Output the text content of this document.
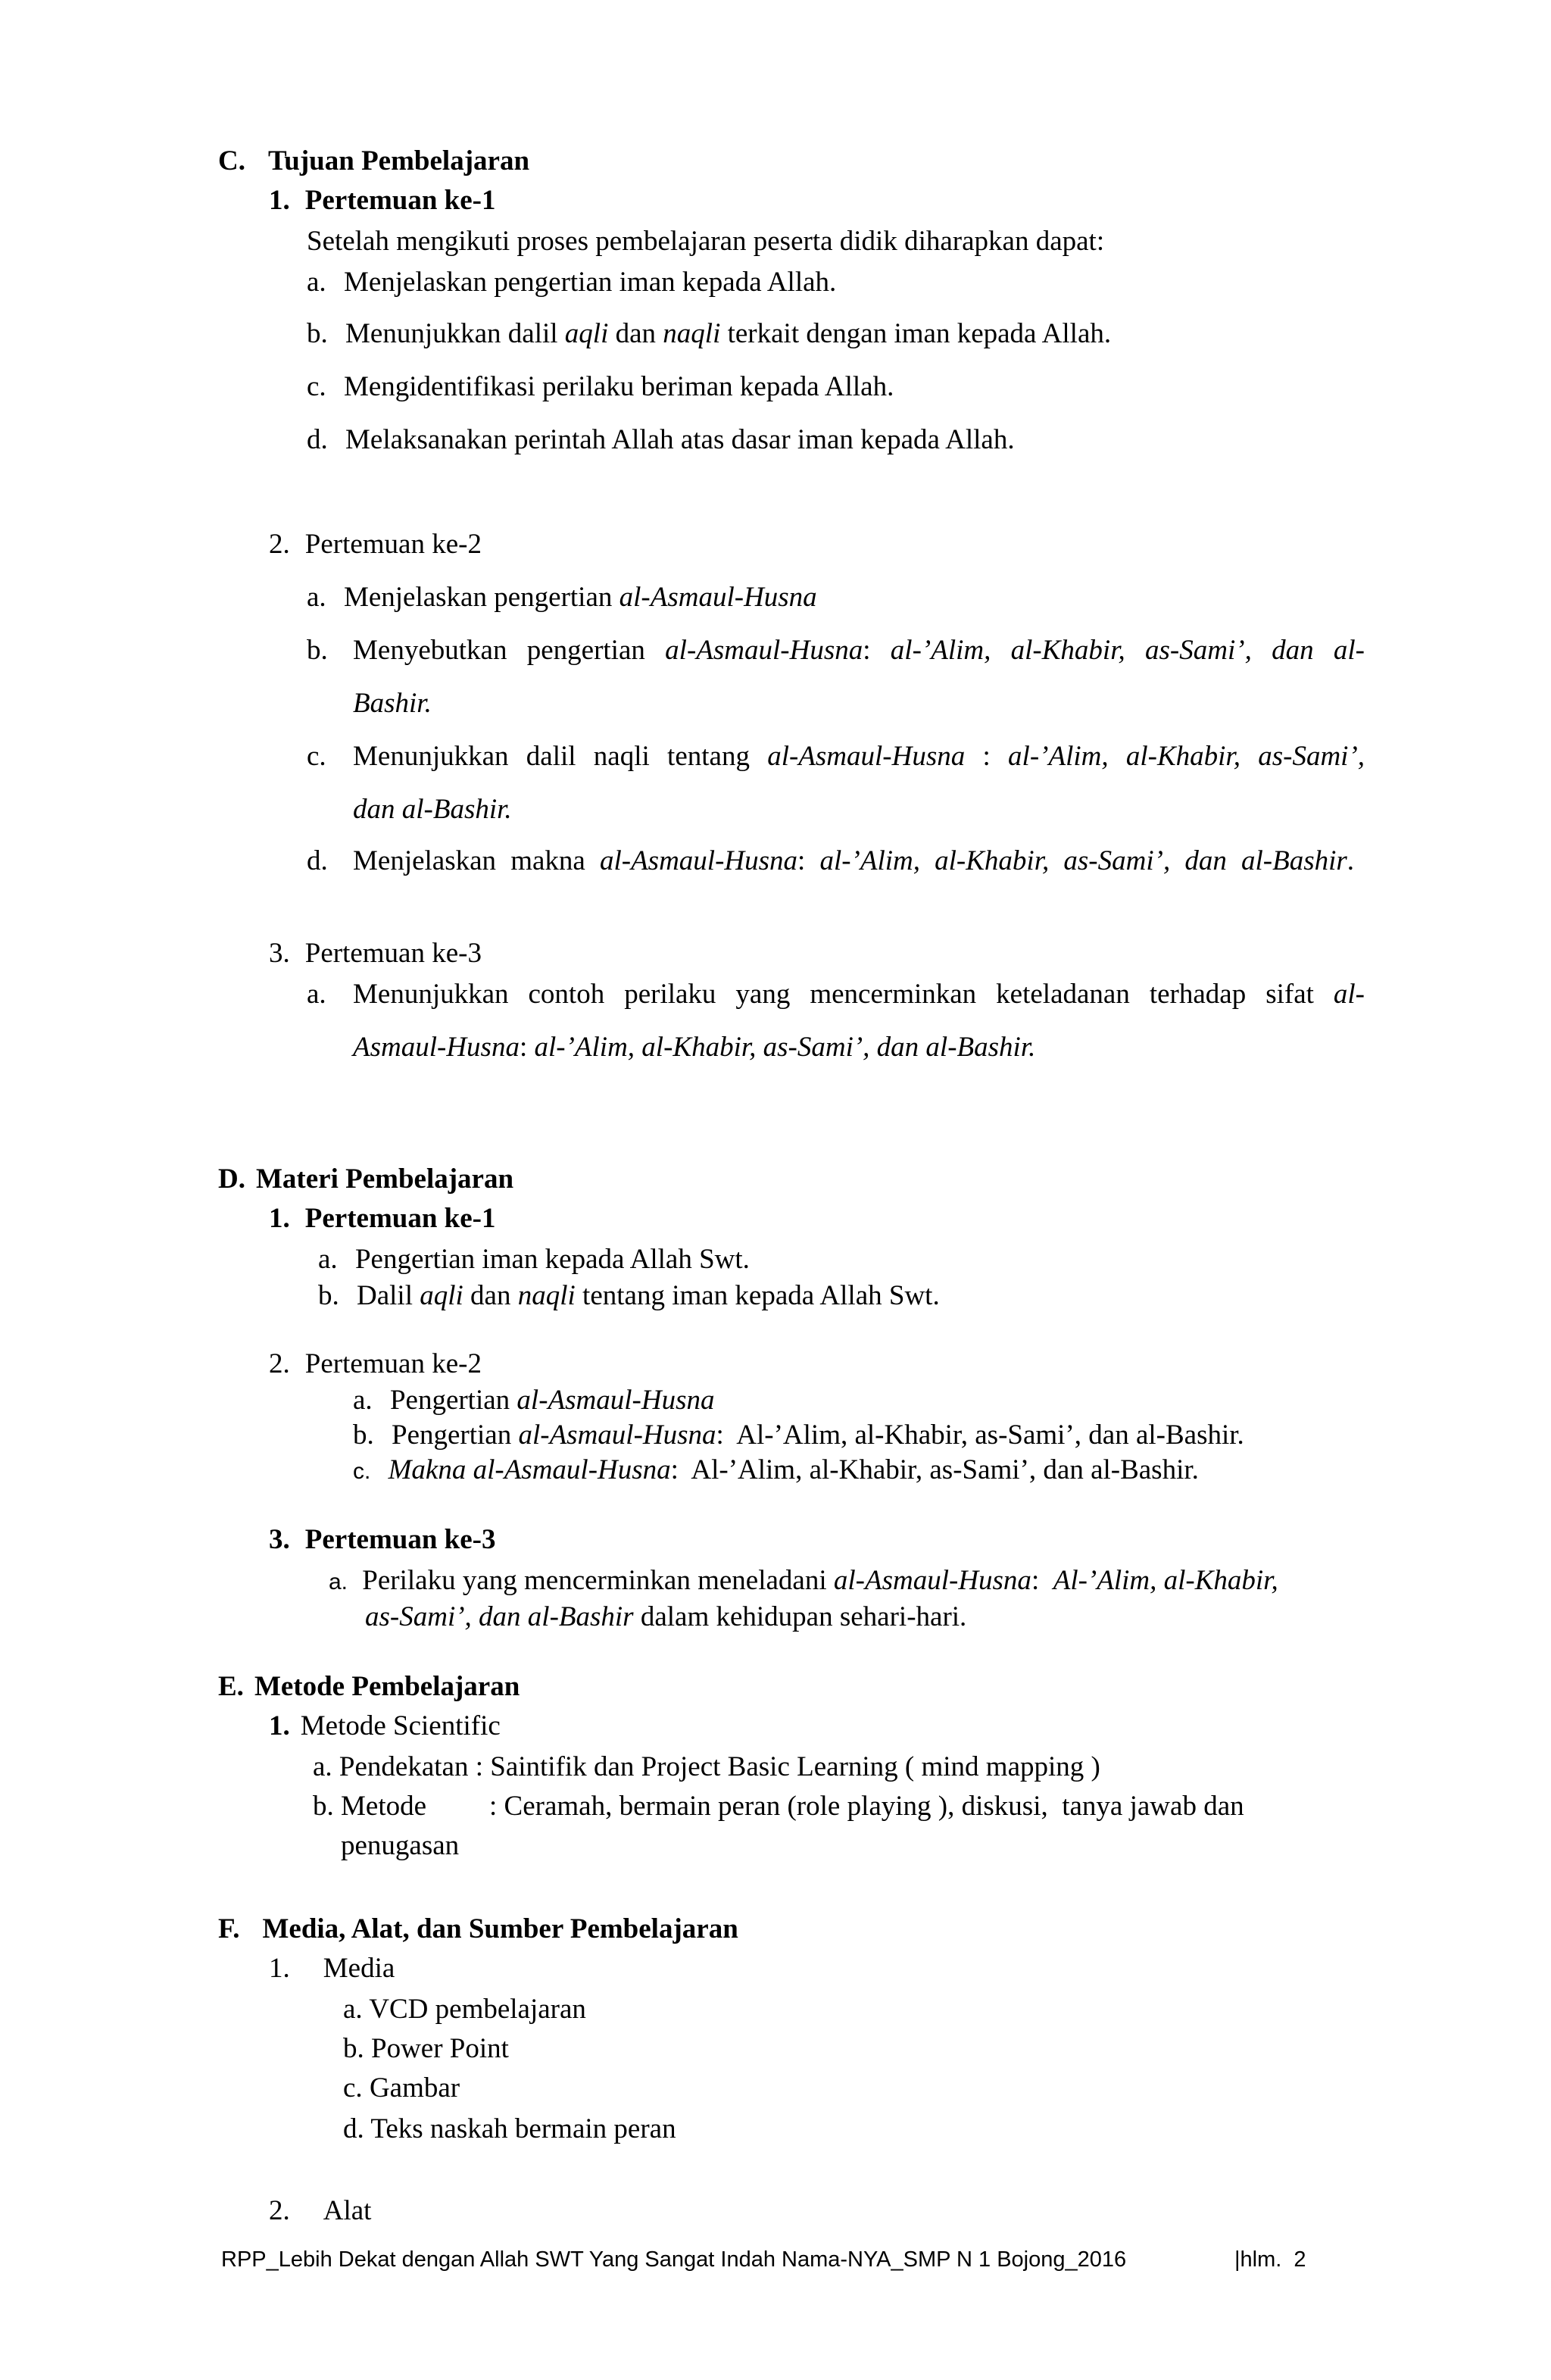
C. Tujuan Pembelajaran
1. Pertemuan ke-1
Setelah mengikuti proses pembelajaran peserta didik diharapkan dapat:
a. Menjelaskan pengertian iman kepada Allah.
b. Menunjukkan dalil aqli dan naqli terkait dengan iman kepada Allah.
c. Mengidentifikasi perilaku beriman kepada Allah.
d. Melaksanakan perintah Allah atas dasar iman kepada Allah.
2. Pertemuan ke-2
a. Menjelaskan pengertian al-Asmaul-Husna
b. Menyebutkan pengertian al-Asmaul-Husna: al-’Alim, al-Khabir, as-Sami’, dan al-
Bashir.
c. Menunjukkan dalil naqli tentang al-Asmaul-Husna : al-’Alim, al-Khabir, as-Sami’,
dan al-Bashir.
d. Menjelaskan makna al-Asmaul-Husna: al-’Alim, al-Khabir, as-Sami’, dan al-Bashir.
3. Pertemuan ke-3
a. Menunjukkan contoh perilaku yang mencerminkan keteladanan terhadap sifat al-
Asmaul-Husna: al-’Alim, al-Khabir, as-Sami’, dan al-Bashir.
D. Materi Pembelajaran
1. Pertemuan ke-1
a. Pengertian iman kepada Allah Swt.
b. Dalil aqli dan naqli tentang iman kepada Allah Swt.
2. Pertemuan ke-2
a. Pengertian al-Asmaul-Husna
b. Pengertian al-Asmaul-Husna:  Al-’Alim, al-Khabir, as-Sami’, dan al-Bashir.
c. Makna al-Asmaul-Husna:  Al-’Alim, al-Khabir, as-Sami’, dan al-Bashir.
3. Pertemuan ke-3
a. Perilaku yang mencerminkan meneladani al-Asmaul-Husna:  Al-’Alim, al-Khabir,
as-Sami’, dan al-Bashir dalam kehidupan sehari-hari.
E. Metode Pembelajaran
1. Metode Scientific
a. Pendekatan : Saintifik dan Project Basic Learning ( mind mapping )
b. Metode : Ceramah, bermain peran (role playing ), diskusi,  tanya jawab dan
penugasan
F. Media, Alat, dan Sumber Pembelajaran
1. Media
a. VCD pembelajaran
b. Power Point
c. Gambar
d. Teks naskah bermain peran
2. Alat
RPP_Lebih Dekat dengan Allah SWT Yang Sangat Indah Nama-NYA_SMP N 1 Bojong_2016	|hlm.  2
